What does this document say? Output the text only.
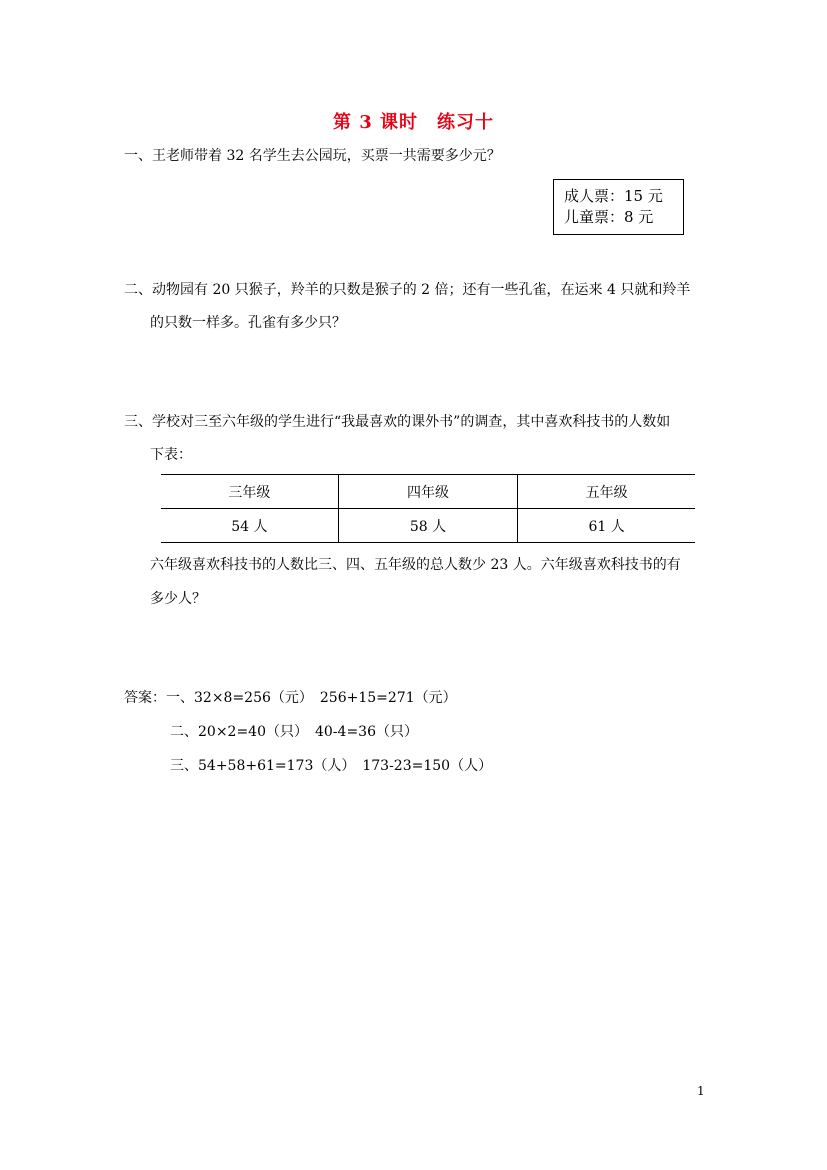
第 3 课时　练习十
一、王老师带着 32 名学生去公园玩，买票一共需要多少元？
成人票：15 元
儿童票：8 元
二、动物园有 20 只猴子，羚羊的只数是猴子的 2 倍；还有一些孔雀，在运来 4 只就和羚羊
的只数一样多。孔雀有多少只？
三、学校对三至六年级的学生进行“我最喜欢的课外书”的调查，其中喜欢科技书的人数如
下表：
三年级	四年级	五年级
54 人	58 人	61 人
六年级喜欢科技书的人数比三、四、五年级的总人数少 23 人。六年级喜欢科技书的有
多少人？
答案：一、32×8=256（元）　256+15=271（元）
二、20×2=40（只）　40-4=36（只）
三、54+58+61=173（人）　173-23=150（人）
1
